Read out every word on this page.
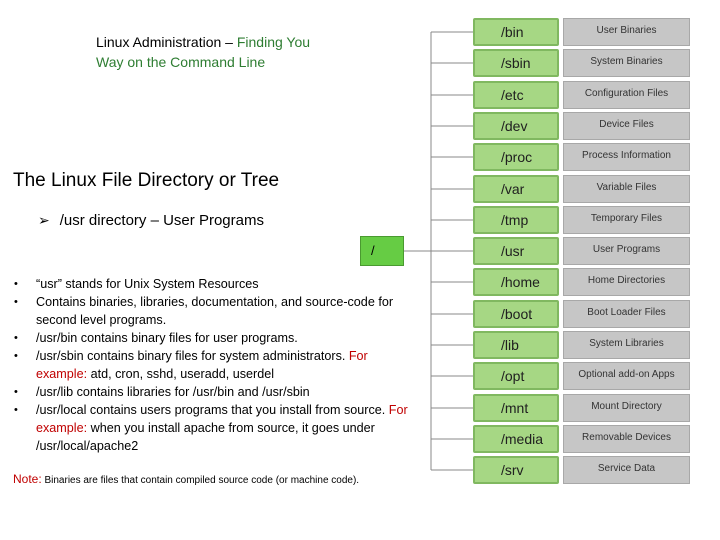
Linux Administration – Finding You
Way on the Command Line
The Linux File Directory or Tree
➢ /usr directory – User Programs
• “usr” stands for Unix System Resources
• Contains binaries, libraries, documentation, and source-code for second level programs.
• /usr/bin contains binary files for user programs.
• /usr/sbin contains binary files for system administrators. For example: atd, cron, sshd, useradd, userdel
• /usr/lib contains libraries for /usr/bin and /usr/sbin
• /usr/local contains users programs that you install from source. For example: when you install apache from source, it goes under /usr/local/apache2
Note: Binaries are files that contain compiled source code (or machine code).
/
/bin	User Binaries
/sbin	System Binaries
/etc	Configuration Files
/dev	Device Files
/proc	Process Information
/var	Variable Files
/tmp	Temporary Files
/usr	User Programs
/home	Home Directories
/boot	Boot Loader Files
/lib	System Libraries
/opt	Optional add-on Apps
/mnt	Mount Directory
/media	Removable Devices
/srv	Service Data
